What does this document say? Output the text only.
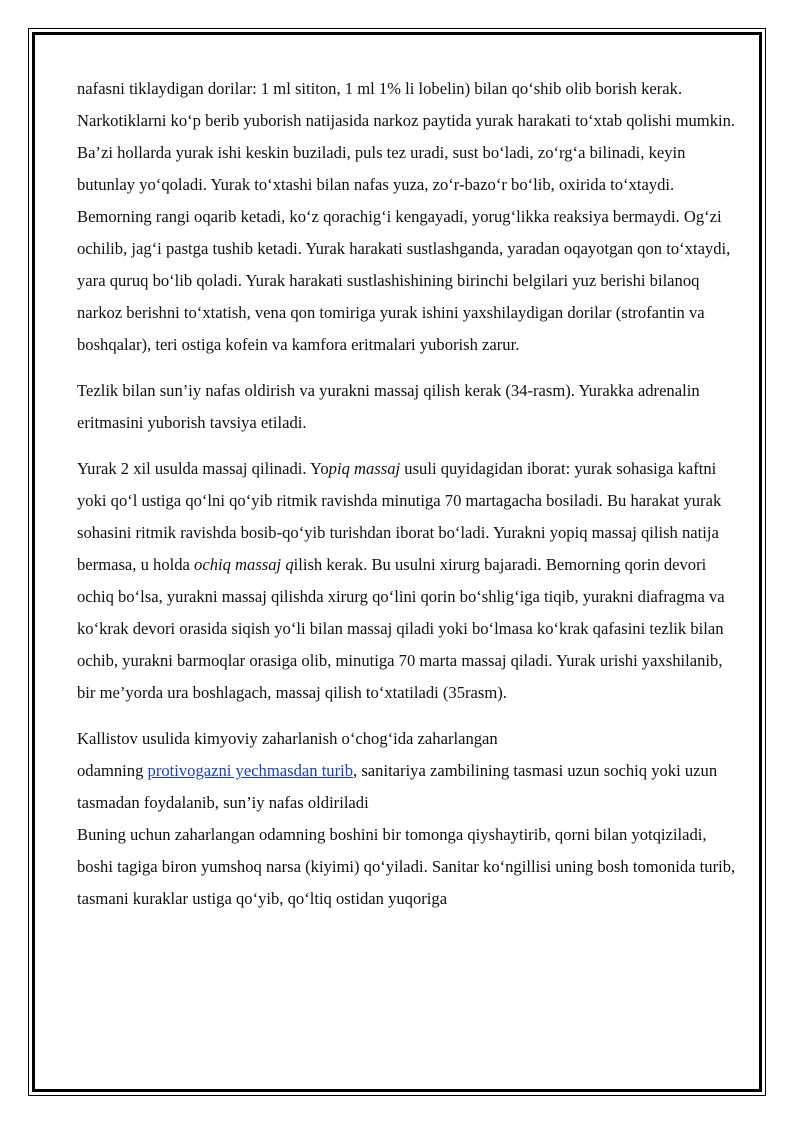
nafasni tiklaydigan dorilar: 1 ml sititon, 1 ml 1% li lobelin) bilan qo‘shib olib borish kerak.

Narkotiklarni ko‘p berib yuborish natijasida narkoz paytida yurak harakati to‘xtab qolishi mumkin. Ba’zi hollarda yurak ishi keskin buziladi, puls tez uradi, sust bo‘ladi, zo‘rg‘a bilinadi, keyin butunlay yo‘qoladi. Yurak to‘xtashi bilan nafas yuza, zo‘r-bazo‘r bo‘lib, oxirida to‘xtaydi. Bemorning rangi oqarib ketadi, ko‘z qorachig‘i kengayadi, yorug‘likka reaksiya bermaydi. Og‘zi ochilib, jag‘i pastga tushib ketadi. Yurak harakati sustlashganda, yaradan oqayotgan qon to‘xtaydi, yara quruq bo‘lib qoladi. Yurak harakati sustlashishining birinchi belgilari yuz berishi bilanoq narkoz berishni to‘xtatish, vena qon tomiriga yurak ishini yaxshilaydigan dorilar (strofantin va boshqalar), teri ostiga kofein va kamfora eritmalari yuborish zarur.

Tezlik bilan sun’iy nafas oldirish va yurakni massaj qilish kerak (34-rasm). Yurakka adrenalin eritmasini yuborish tavsiya etiladi.

Yurak 2 xil usulda massaj qilinadi. Yopiq massaj usuli quyidagidan iborat: yurak sohasiga kaftni yoki qo‘l ustiga qo‘lni qo‘yib ritmik ravishda minutiga 70 martagacha bosiladi. Bu harakat yurak sohasini ritmik ravishda bosib-qo‘yib turishdan iborat bo‘ladi. Yurakni yopiq massaj qilish natija bermasa, u holda ochiq massaj qilish kerak. Bu usulni xirurg bajaradi. Bemorning qorin devori ochiq bo‘lsa, yurakni massaj qilishda xirurg qo‘lini qorin bo‘shlig‘iga tiqib, yurakni diafragma va ko‘krak devori orasida siqish yo‘li bilan massaj qiladi yoki bo‘lmasa ko‘krak qafasini tezlik bilan ochib, yurakni barmoqlar orasiga olib, minutiga 70 marta massaj qiladi. Yurak urishi yaxshilanib, bir me’yorda ura boshlagach, massaj qilish to‘xtatiladi (35rasm).

Kallistov usulida kimyoviy zaharlanish o‘chog‘ida zaharlangan
odamning protivogazni yechmasdan turib, sanitariya zambilining tasmasi uzun sochiq yoki uzun tasmadan foydalanib, sun’iy nafas oldiriladi

Buning uchun zaharlangan odamning boshini bir tomonga qiyshaytirib, qorni bilan yotqiziladi, boshi tagiga biron yumshoq narsa (kiyimi) qo‘yiladi. Sanitar ko‘ngillisi uning bosh tomonida turib, tasmani kuraklar ustiga qo‘yib, qo‘ltiq ostidan yuqoriga
